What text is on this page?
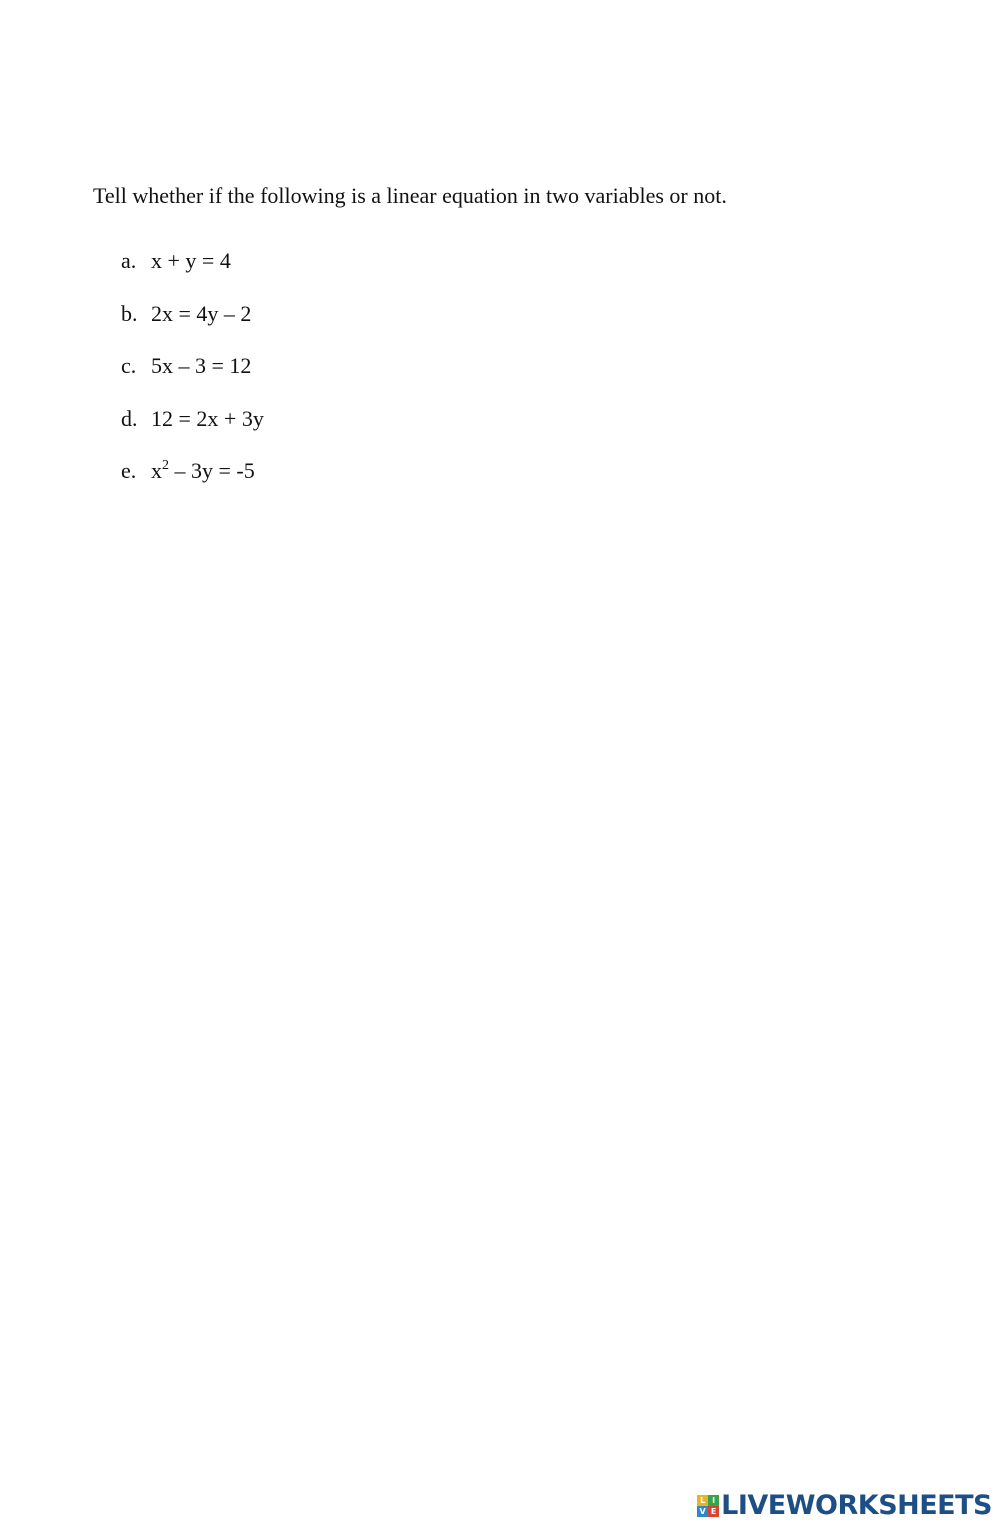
Tell whether if the following is a linear equation in two variables or not.
a. x + y = 4
b. 2x = 4y – 2
c. 5x – 3 = 12
d. 12 = 2x + 3y
e. $x^2 - 3y = -5$
L I
V E LIVEWORKSHEETS
